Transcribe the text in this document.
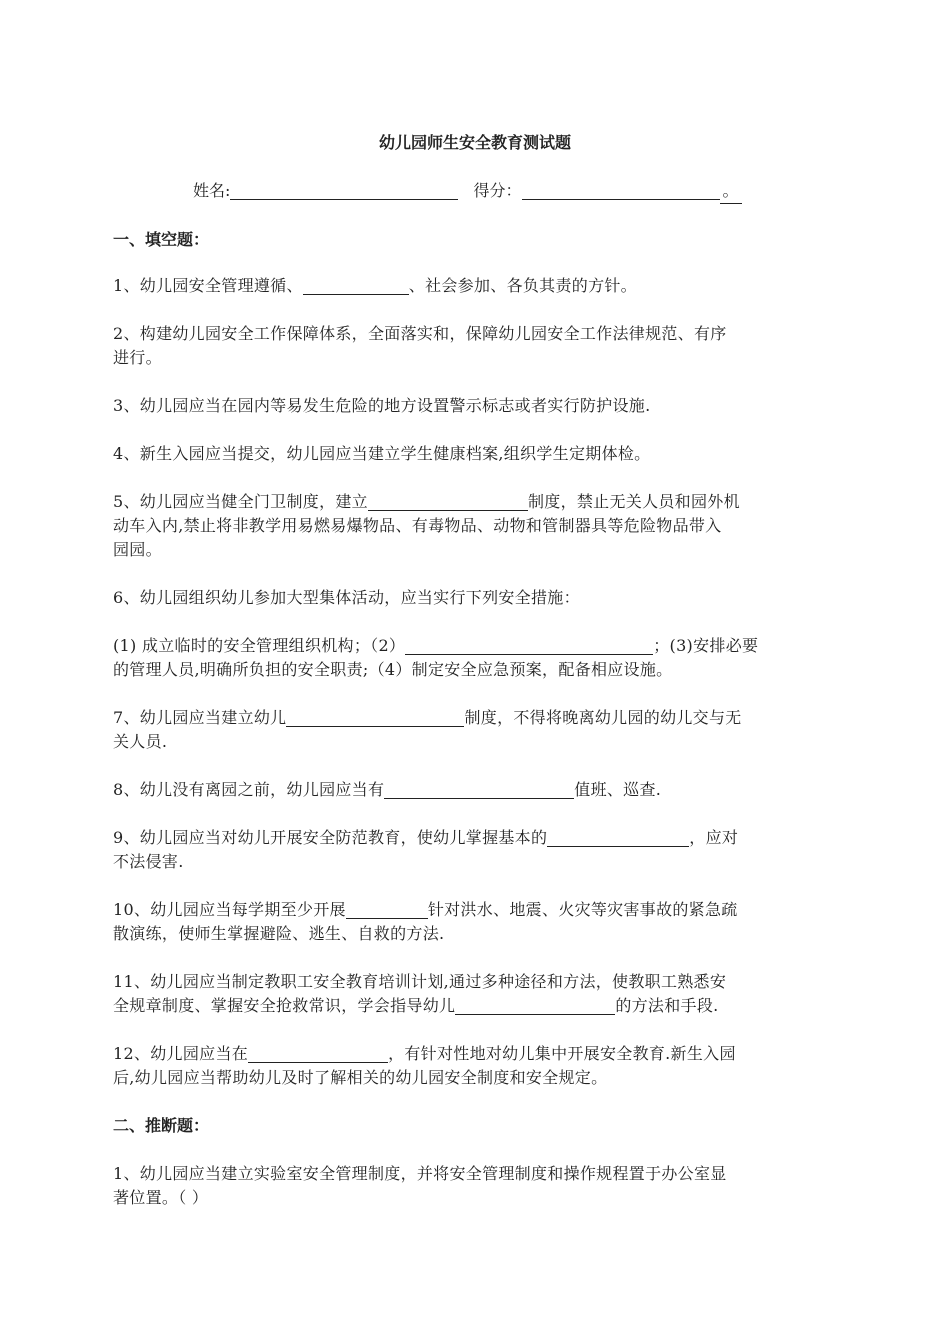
幼儿园师生安全教育测试题
姓名:	得分：	。
一、填空题：
1、幼儿园安全管理遵循、	、社会参加、各负其责的方针。
2、构建幼儿园安全工作保障体系，全面落实和，保障幼儿园安全工作法律规范、有序
进行。
3、幼儿园应当在园内等易发生危险的地方设置警示标志或者实行防护设施.
4、新生入园应当提交，幼儿园应当建立学生健康档案,组织学生定期体检。
5、幼儿园应当健全门卫制度，建立	制度，禁止无关人员和园外机
动车入内,禁止将非教学用易燃易爆物品、有毒物品、动物和管制器具等危险物品带入
园园。
6、幼儿园组织幼儿参加大型集体活动，应当实行下列安全措施：
(1) 成立临时的安全管理组织机构；（2）	；(3)安排必要
的管理人员,明确所负担的安全职责;（4）制定安全应急预案，配备相应设施。
7、幼儿园应当建立幼儿	制度，不得将晚离幼儿园的幼儿交与无
关人员.
8、幼儿没有离园之前，幼儿园应当有	值班、巡查.
9、幼儿园应当对幼儿开展安全防范教育，使幼儿掌握基本的	，应对
不法侵害.
10、幼儿园应当每学期至少开展	针对洪水、地震、火灾等灾害事故的紧急疏
散演练，使师生掌握避险、逃生、自救的方法.
11、幼儿园应当制定教职工安全教育培训计划,通过多种途径和方法，使教职工熟悉安
全规章制度、掌握安全抢救常识，学会指导幼儿	的方法和手段.
12、幼儿园应当在	，有针对性地对幼儿集中开展安全教育.新生入园
后,幼儿园应当帮助幼儿及时了解相关的幼儿园安全制度和安全规定。
二、推断题：
1、幼儿园应当建立实验室安全管理制度，并将安全管理制度和操作规程置于办公室显
著位置。（ ）
